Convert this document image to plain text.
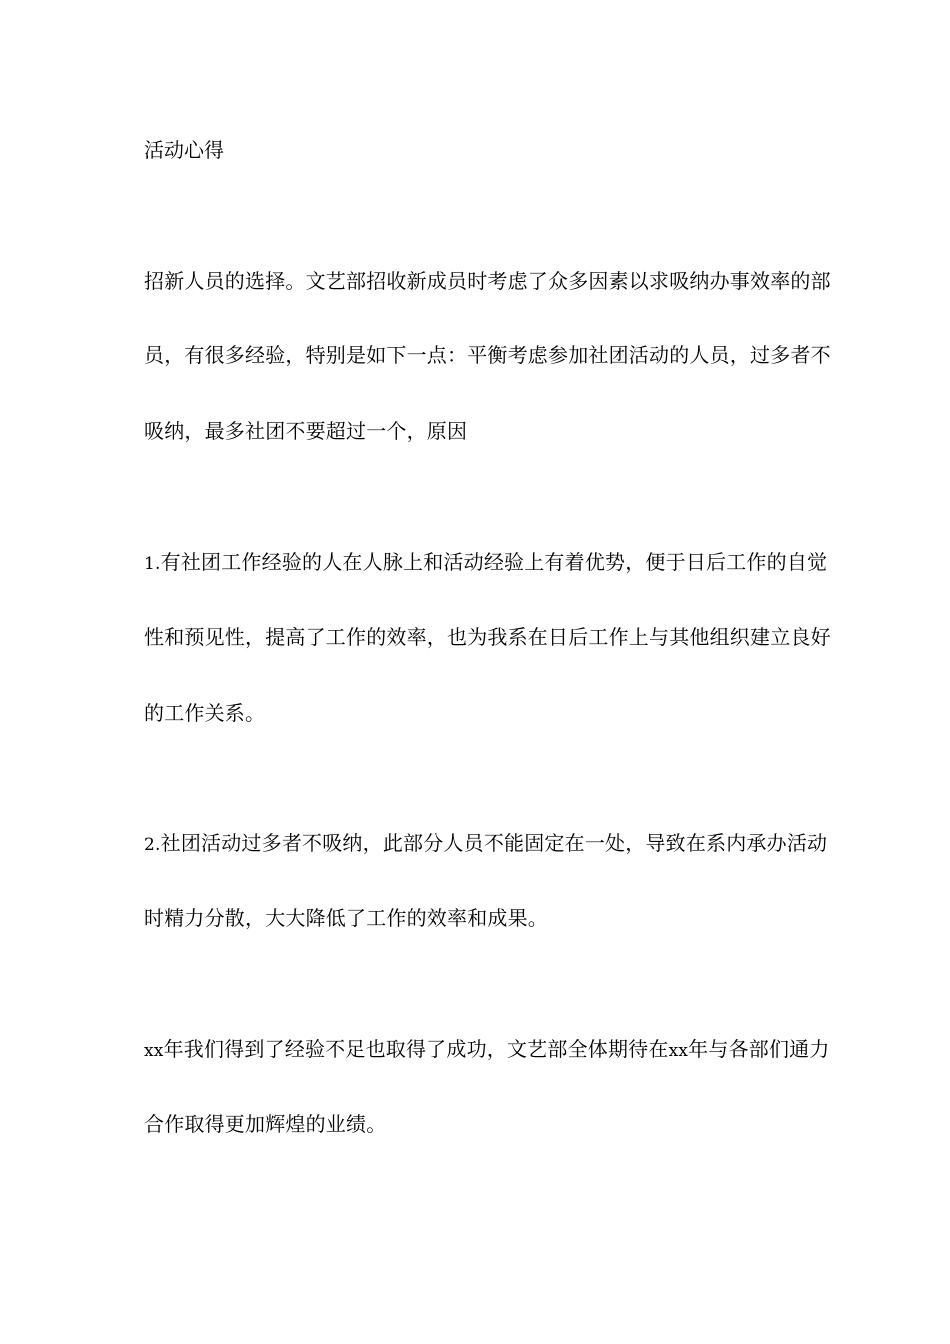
活动心得
招新人员的选择。文艺部招收新成员时考虑了众多因素以求吸纳办事效率的部
员，有很多经验，特别是如下一点：平衡考虑参加社团活动的人员，过多者不
吸纳，最多社团不要超过一个，原因
1.有社团工作经验的人在人脉上和活动经验上有着优势，便于日后工作的自觉
性和预见性，提高了工作的效率，也为我系在日后工作上与其他组织建立良好
的工作关系。
2.社团活动过多者不吸纳，此部分人员不能固定在一处，导致在系内承办活动
时精力分散，大大降低了工作的效率和成果。
xx年我们得到了经验不足也取得了成功，文艺部全体期待在xx年与各部们通力
合作取得更加辉煌的业绩。
